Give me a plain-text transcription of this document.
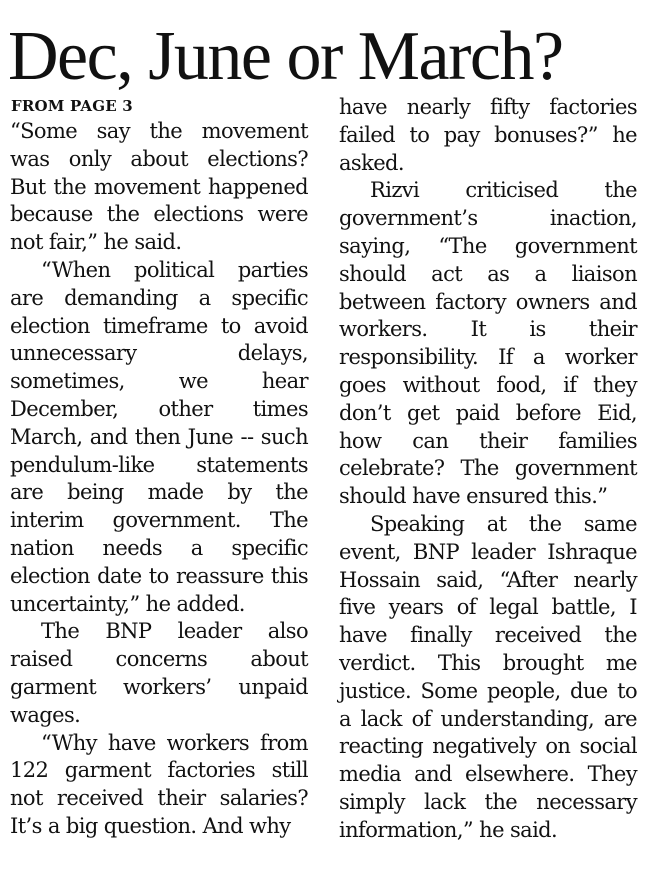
Dec, June or March?
FROM PAGE 3

“Some say the movement was only about elections? But the movement happened because the elections were not fair,” he said.

“When political parties are demanding a specific election timeframe to avoid unnecessary delays, sometimes, we hear December, other times March, and then June -- such pendulum-like statements are being made by the interim government. The nation needs a specific election date to reassure this uncertainty,” he added.

The BNP leader also raised concerns about garment workers’ unpaid wages.

“Why have workers from 122 garment factories still not received their salaries? It’s a big question. And why

have nearly fifty factories failed to pay bonuses?” he asked.

Rizvi criticised the government’s inaction, saying, “The government should act as a liaison between factory owners and workers. It is their responsibility. If a worker goes without food, if they don’t get paid before Eid, how can their families celebrate? The government should have ensured this.”

Speaking at the same event, BNP leader Ishraque Hossain said, “After nearly five years of legal battle, I have finally received the verdict. This brought me justice. Some people, due to a lack of understanding, are reacting negatively on social media and elsewhere. They simply lack the necessary information,” he said.
